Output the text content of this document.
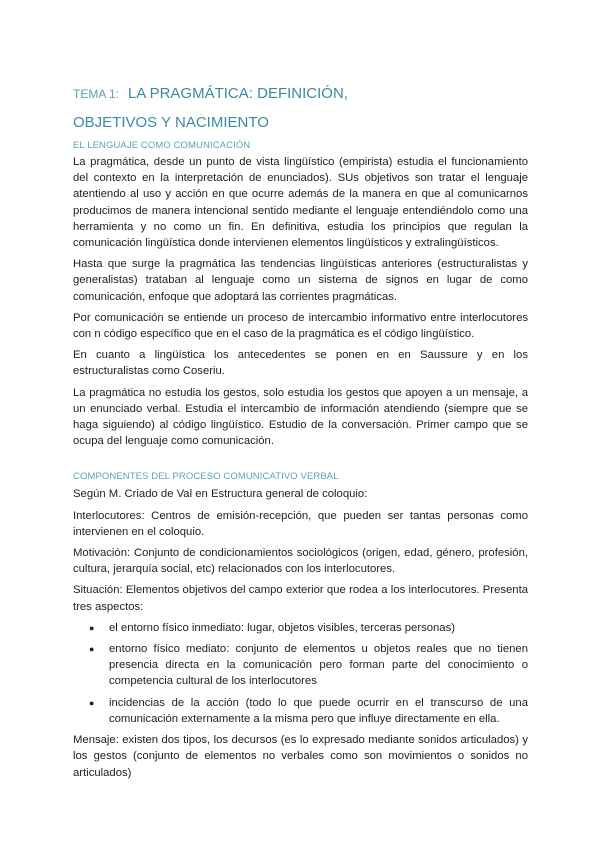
TEMA 1: LA PRAGMÁTICA: DEFINICIÓN,
OBJETIVOS Y NACIMIENTO
EL LENGUAJE COMO COMUNICACIÓN

La pragmática, desde un punto de vista lingüístico (empirista) estudia el funcionamiento del contexto en la interpretación de enunciados). SUs objetivos son tratar el lenguaje atentiendo al uso y acción en que ocurre además de la manera en que al comunicarnos producimos de manera intencional sentido mediante el lenguaje entendiéndolo como una herramienta y no como un fin. En definitiva, estudia los principios que regulan la comunicación lingüística donde intervienen elementos lingüísticos y extralingüísticos.

Hasta que surge la pragmática las tendencias lingüísticas anteriores (estructuralistas y generalistas) trataban al lenguaje como un sistema de signos en lugar de como comunicación, enfoque que adoptará las corrientes pragmáticas.

Por comunicación se entiende un proceso de intercambio informativo entre interlocutores con n código específico que en el caso de la pragmática es el código lingüístico.

En cuanto a lingüística los antecedentes se ponen en en Saussure y en los estructuralistas como Coseriu.

La pragmática no estudia los gestos, solo estudia los gestos que apoyen a un mensaje, a un enunciado verbal. Estudia el intercambio de información atendiendo (siempre que se haga siguiendo) al código lingüístico. Estudio de la conversación. Primer campo que se ocupa del lenguaje como comunicación.

COMPONENTES DEL PROCESO COMUNICATIVO VERBAL

Según M. Criado de Val en Estructura general de coloquio:

Interlocutores: Centros de emisión-recepción, que pueden ser tantas personas como intervienen en el coloquio.

Motivación: Conjunto de condicionamientos sociológicos (origen, edad, género, profesión, cultura, jerarquía social, etc) relacionados con los interlocutores.

Situación: Elementos objetivos del campo exterior que rodea a los interlocutores. Presenta tres aspectos:

● el entorno físico inmediato: lugar, objetos visibles, terceras personas)
● entorno físico mediato: conjunto de elementos u objetos reales que no tienen presencia directa en la comunicación pero forman parte del conocimiento o competencia cultural de los interlocutores
● incidencias de la acción (todo lo que puede ocurrir en el transcurso de una comunicación externamente a la misma pero que influye directamente en ella.

Mensaje: existen dos tipos, los decursos (es lo expresado mediante sonidos articulados) y los gestos (conjunto de elementos no verbales como son movimientos o sonidos no articulados)
